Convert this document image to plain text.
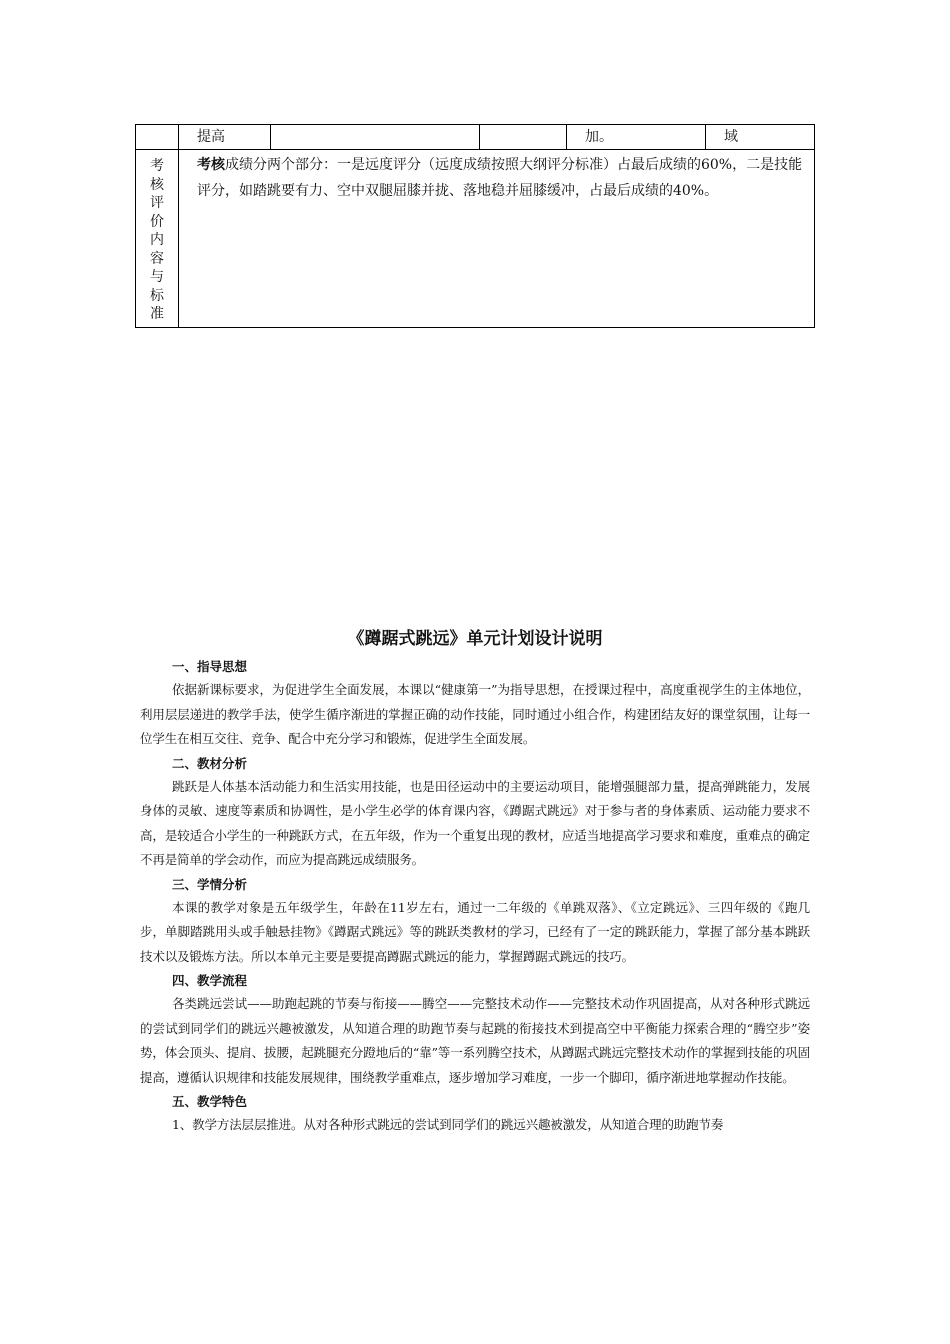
提高	加。	域
考核评价内容与标准
考核成绩分两个部分：一是远度评分（远度成绩按照大纲评分标准）占最后成绩的60%，二是技能评分，如踏跳要有力、空中双腿屈膝并拢、落地稳并屈膝缓冲，占最后成绩的40%。
《蹲踞式跳远》单元计划设计说明

一、指导思想

依据新课标要求，为促进学生全面发展，本课以“健康第一”为指导思想，在授课过程中，高度重视学生的主体地位，利用层层递进的教学手法，使学生循序渐进的掌握正确的动作技能，同时通过小组合作，构建团结友好的课堂氛围，让每一位学生在相互交往、竞争、配合中充分学习和锻炼，促进学生全面发展。

二、教材分析

跳跃是人体基本活动能力和生活实用技能，也是田径运动中的主要运动项目，能增强腿部力量，提高弹跳能力，发展身体的灵敏、速度等素质和协调性，是小学生必学的体育课内容，《蹲踞式跳远》对于参与者的身体素质、运动能力要求不高，是较适合小学生的一种跳跃方式，在五年级，作为一个重复出现的教材，应适当地提高学习要求和难度，重难点的确定不再是简单的学会动作，而应为提高跳远成绩服务。

三、学情分析

本课的教学对象是五年级学生，年龄在11岁左右，通过一二年级的《单跳双落》、《立定跳远》、三四年级的《跑几步，单脚踏跳用头或手触悬挂物》《蹲踞式跳远》等的跳跃类教材的学习，已经有了一定的跳跃能力，掌握了部分基本跳跃技术以及锻炼方法。所以本单元主要是要提高蹲踞式跳远的能力，掌握蹲踞式跳远的技巧。

四、教学流程

各类跳远尝试——助跑起跳的节奏与衔接——腾空——完整技术动作——完整技术动作巩固提高，从对各种形式跳远的尝试到同学们的跳远兴趣被激发，从知道合理的助跑节奏与起跳的衔接技术到提高空中平衡能力探索合理的“腾空步”姿势，体会顶头、提肩、拔腰，起跳腿充分蹬地后的“靠”等一系列腾空技术，从蹲踞式跳远完整技术动作的掌握到技能的巩固提高，遵循认识规律和技能发展规律，围绕教学重难点，逐步增加学习难度，一步一个脚印，循序渐进地掌握动作技能。

五、教学特色

1、教学方法层层推进。从对各种形式跳远的尝试到同学们的跳远兴趣被激发，从知道合理的助跑节奏
